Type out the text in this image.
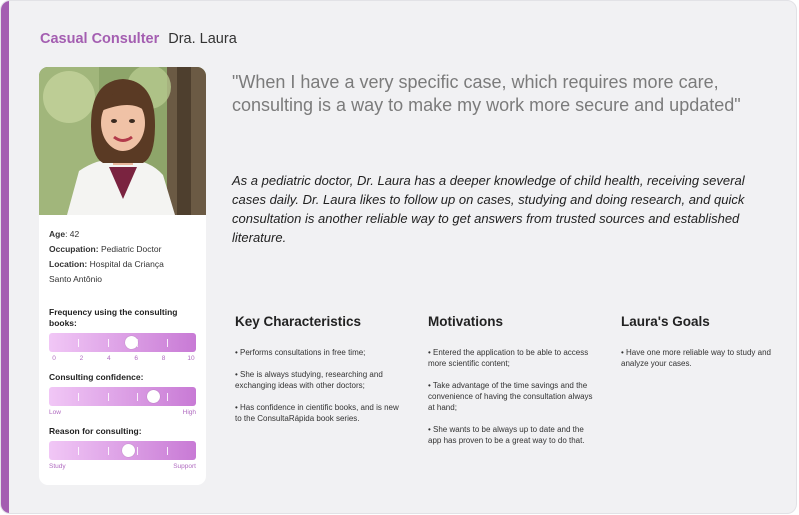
Casual Consulter Dra. Laura
Age: 42
Occupation: Pediatric Doctor
Location: Hospital da Criança
Santo Antônio
Frequency using the consulting books:
0	2	4	6	8	10
Consulting confidence:
Low	High
Reason for consulting:
Study	Support
"When I have a very specific case, which requires more care, consulting is a way to make my work more secure and updated"
As a pediatric doctor, Dr. Laura has a deeper knowledge of child health, receiving several cases daily. Dr. Laura likes to follow up on cases, studying and doing research, and quick consultation is another reliable way to get answers from trusted sources and established literature.
Key Characteristics
• Performs consultations in free time;
• She is always studying, researching and exchanging ideas with other doctors;
• Has confidence in cientific books, and is new to the ConsultaRápida book series.
Motivations
• Entered the application to be able to access more scientific content;
• Take advantage of the time savings and the convenience of having the consultation always at hand;
• She wants to be always up to date and the app has proven to be a great way to do that.
Laura's Goals
• Have one more reliable way to study and analyze your cases.
